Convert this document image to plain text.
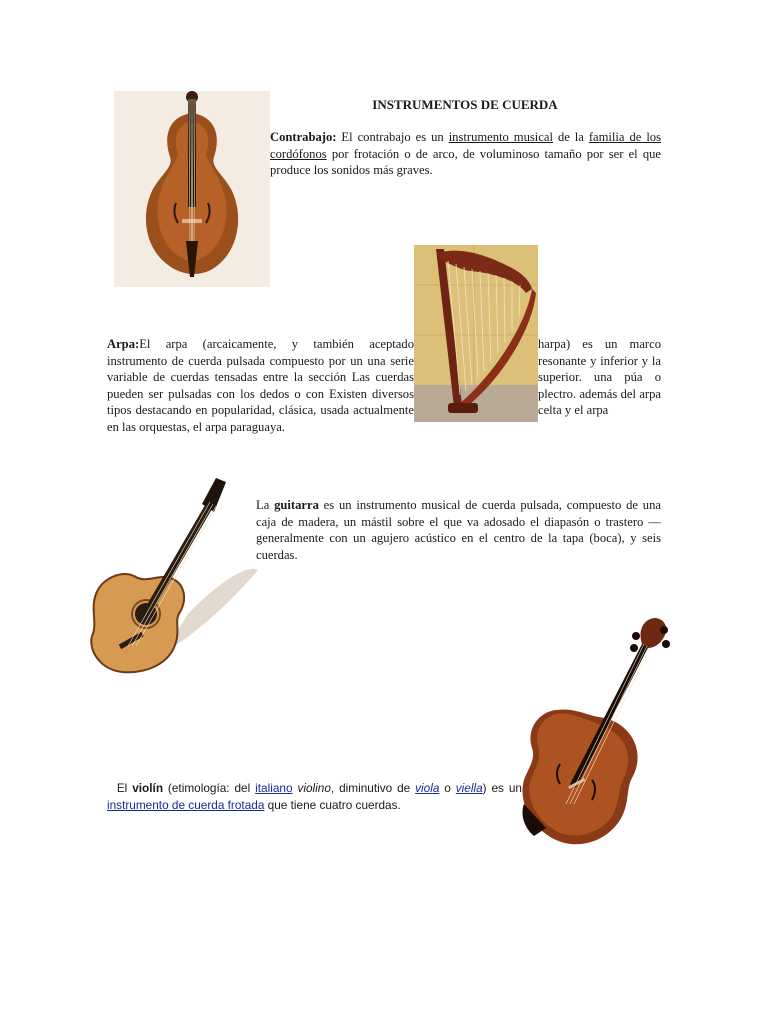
INSTRUMENTOS DE CUERDA
Contrabajo: El contrabajo es un instrumento musical de la familia de los cordófonos por frotación o de arco, de voluminoso tamaño por ser el que produce los sonidos más graves.
Arpa:El arpa (arcaicamente, y también aceptado instrumento de cuerda pulsada compuesto por un una serie variable de cuerdas tensadas entre la sección Las cuerdas pueden ser pulsadas con los dedos o con Existen diversos tipos destacando en popularidad, clásica, usada actualmente en las orquestas, el arpa paraguaya.
harpa) es un marco resonante y inferior y la superior. una púa o plectro. además del arpa celta y el arpa
La guitarra es un instrumento musical de cuerda pulsada, compuesto de una caja de madera, un mástil sobre el que va adosado el diapasón o trastero —generalmente con un agujero acústico en el centro de la tapa (boca), y seis cuerdas.
El violín (etimología: del italiano violino, diminutivo de viola o viella) es un instrumento de cuerda frotada que tiene cuatro cuerdas.
